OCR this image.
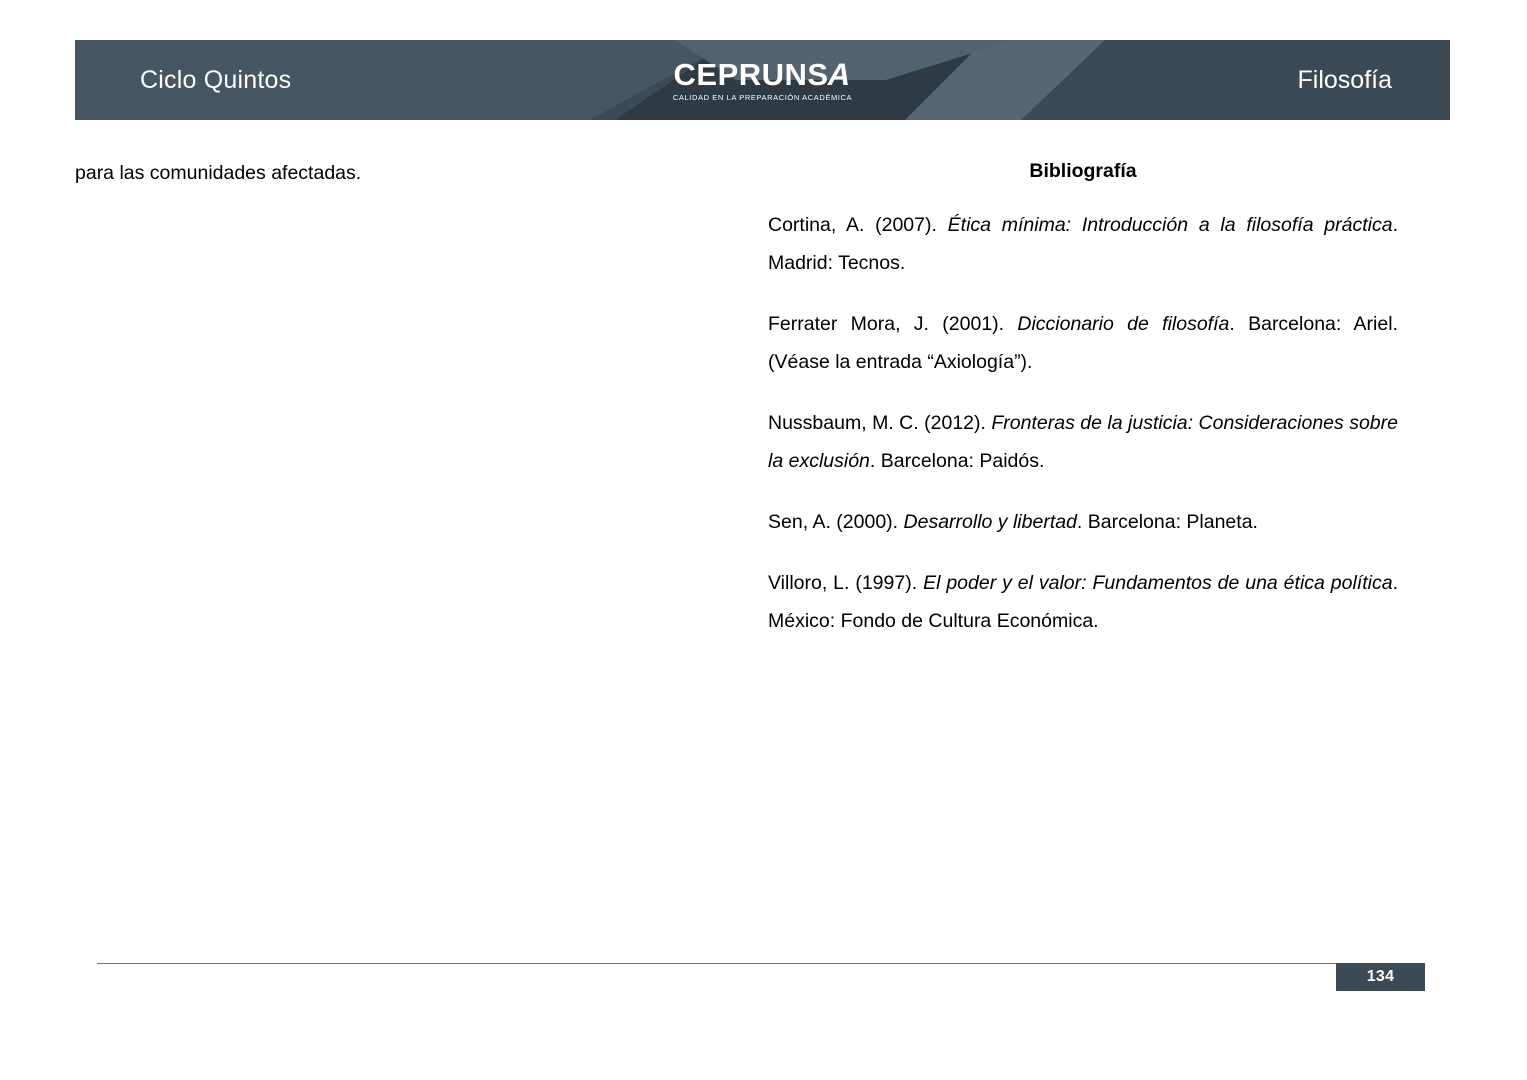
Ciclo Quintos	CEPRUNSA
CALIDAD EN LA PREPARACIÓN ACADÉMICA
Filosofía

para las comunidades afectadas.	Bibliografía

Cortina, A. (2007). Ética mínima: Introducción a la filosofía práctica. Madrid: Tecnos.

Ferrater Mora, J. (2001). Diccionario de filosofía. Barcelona: Ariel. (Véase la entrada “Axiología”).

Nussbaum, M. C. (2012). Fronteras de la justicia: Consideraciones sobre la exclusión. Barcelona: Paidós.

Sen, A. (2000). Desarrollo y libertad. Barcelona: Planeta.

Villoro, L. (1997). El poder y el valor: Fundamentos de una ética política. México: Fondo de Cultura Económica.

134
